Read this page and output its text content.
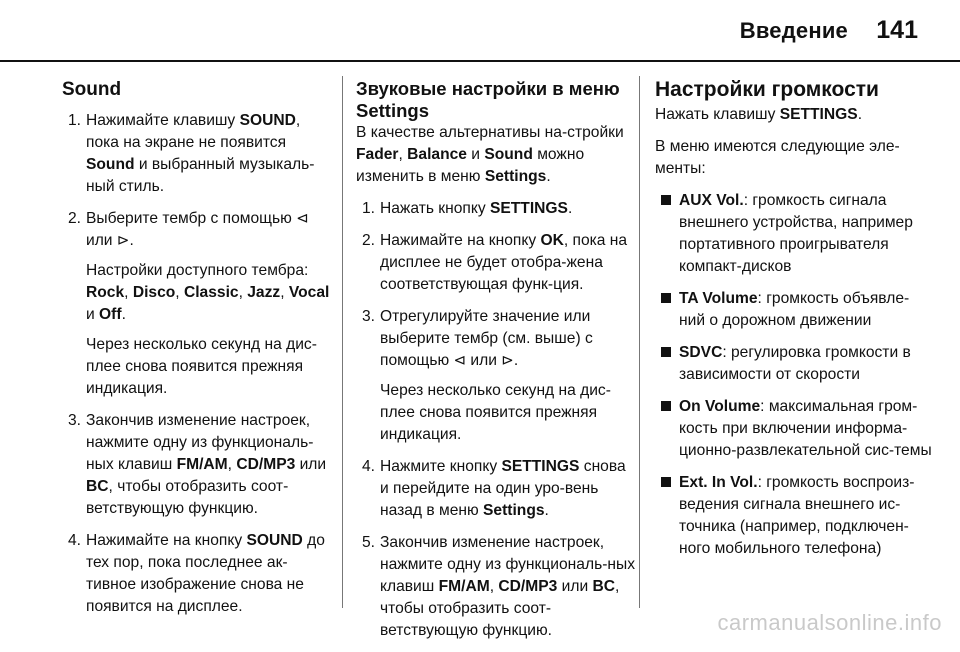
Введение 141
Sound
1. Нажимайте клавишу SOUND, пока на экране не появится Sound и выбранный музыкаль-ный стиль.

2. Выберите тембр с помощью ⊲ или ⊳.

Настройки доступного тембра: Rock, Disco, Classic, Jazz, Vocal и Off.

Через несколько секунд на дис-плее снова появится прежняя индикация.

3. Закончив изменение настроек, нажмите одну из функциональ-ных клавиш FM/AM, CD/MP3 или BC, чтобы отобразить соот-ветствующую функцию.

4. Нажимайте на кнопку SOUND до тех пор, пока последнее ак-тивное изображение снова не появится на дисплее.

Звуковые настройки в меню Settings

В качестве альтернативы на-стройки Fader, Balance и Sound можно изменить в меню Settings.

1. Нажать кнопку SETTINGS.

2. Нажимайте на кнопку OK, пока на дисплее не будет отобра-жена соответствующая функ-ция.

3. Отрегулируйте значение или выберите тембр (см. выше) с помощью ⊲ или ⊳.

Через несколько секунд на дис-плее снова появится прежняя индикация.

4. Нажмите кнопку SETTINGS снова и перейдите на один уро-вень назад в меню Settings.

5. Закончив изменение настроек, нажмите одну из функциональ-ных клавиш FM/AM, CD/MP3 или BC, чтобы отобразить соот-ветствующую функцию.

Настройки громкости

Нажать клавишу SETTINGS.

В меню имеются следующие эле-менты:

AUX Vol.: громкость сигнала внешнего устройства, например портативного проигрывателя компакт-дисков
TA Volume: громкость объявле-ний о дорожном движении
SDVC: регулировка громкости в зависимости от скорости
On Volume: максимальная гром-кость при включении информа-ционно-развлекательной сис-темы
Ext. In Vol.: громкость воспроиз-ведения сигнала внешнего ис-точника (например, подключен-ного мобильного телефона)
carmanualsonline.info
